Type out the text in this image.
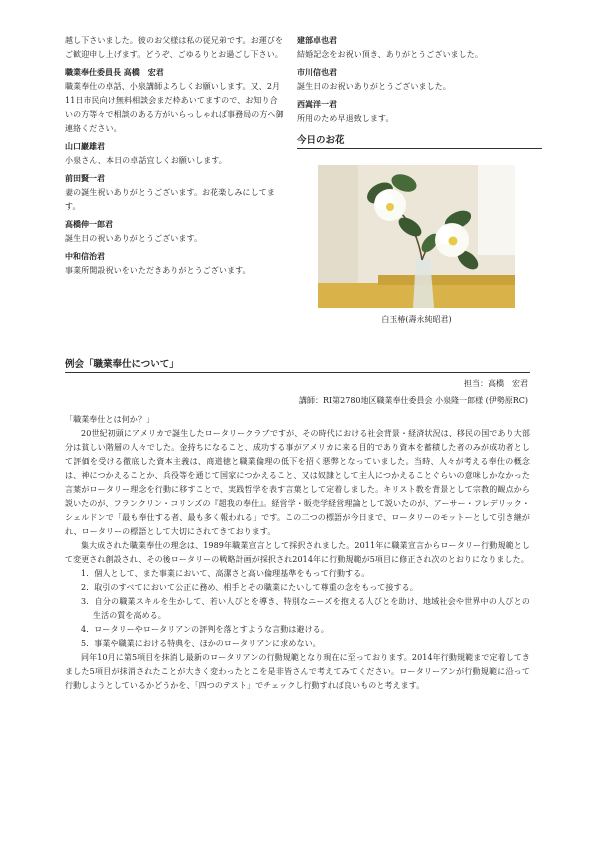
越し下さいました。彼のお父様は私の従兄弟です。お運びをご歓迎申し上げます。どうぞ、ごゆるりとお過ごし下さい。

職業奉仕委員長 高橋　宏君

職業奉仕の卓話、小泉講師よろしくお願いします。又、2月11日市民向け無料相談会まだ枠あいてますので、お知り合いの方等々で相談のある方がいらっしゃれば事務局の方へ御連絡ください。

山口巖雄君

小泉さん、本日の卓話宜しくお願いします。

前田賢一君

妻の誕生祝いありがとうございます。お花楽しみにしてます。

高橋伸一郎君

誕生日の祝いありがとうございます。

中和信治君

事業所開設祝いをいただきありがとうございます。

建部卓也君

結婚記念をお祝い頂き、ありがとうございました。

市川信也君

誕生日のお祝いありがとうございました。

西嵩洋一君

所用のため早退致します。

今日のお花
白玉椿(壽永純昭君)
例会「職業奉仕について」
担当：高橋　宏君
講師：RI第2780地区職業奉仕委員会 小泉隆一郎様 (伊勢原RC)

「職業奉仕とは何か？」

20世紀初頭にアメリカで誕生したロータリークラブですが、その時代における社会背景・経済状況は、移民の国であり大部分は貧しい階層の人々でした。金持ちになること、成功する事がアメリカに来る目的であり資本を蓄積した者のみが成功者として評価を受ける徹底した資本主義は、商道徳と職業倫理の低下を招く悪弊となっていました。当時、人々が考える奉仕の概念は、神につかえることか、兵役等を通じて国家につかえること、又は奴隷として主人につかえることぐらいの意味しかなかった言葉がロータリー理念を行動に移すことで、実践哲学を表す言葉として定着しました。キリスト教を背景として宗教的観点から説いたのが、フランクリン・コリンズの『超我の奉仕』。経営学・販売学経営理論として説いたのが、アーサー・フレデリック・シェルドンで「最も奉仕する者、最も多く報われる」です。この二つの標語が今日まで、ロータリーのモットーとして引き継がれ、ロータリーの標語として大切にされてきております。

集大成された職業奉仕の理念は、1989年職業宣言として採択されました。2011年に職業宣言からロータリー行動規範として変更され創設され、その後ロータリーの戦略計画が採択され2014年に行動規範が5項目に修正され次のとおりになりました。

1．個人として、また事業において、高潔さと高い倫理基準をもって行動する。

2．取引のすべてにおいて公正に務め、相手とその職業にたいして尊重の念をもって接する。

3．自分の職業スキルを生かして、若い人びとを導き、特別なニーズを抱える人びとを助け、地域社会や世界中の人びとの生活の質を高める。

4．ロータリーやロータリアンの評判を落とすような言動は避ける。

5．事業や職業における特典を、ほかのロータリアンに求めない。

同年10月に第5項目を抹消し最新のロータリアンの行動規範となり現在に至っております。2014年行動規範まで定着してきました5項目が抹消されたことが大きく変わったとこを是非皆さんで考えてみてください。ロータリーアンが行動規範に沿って行動しようとしているかどうかを、「四つのテスト」でチェックし行動すれば良いものと考えます。
